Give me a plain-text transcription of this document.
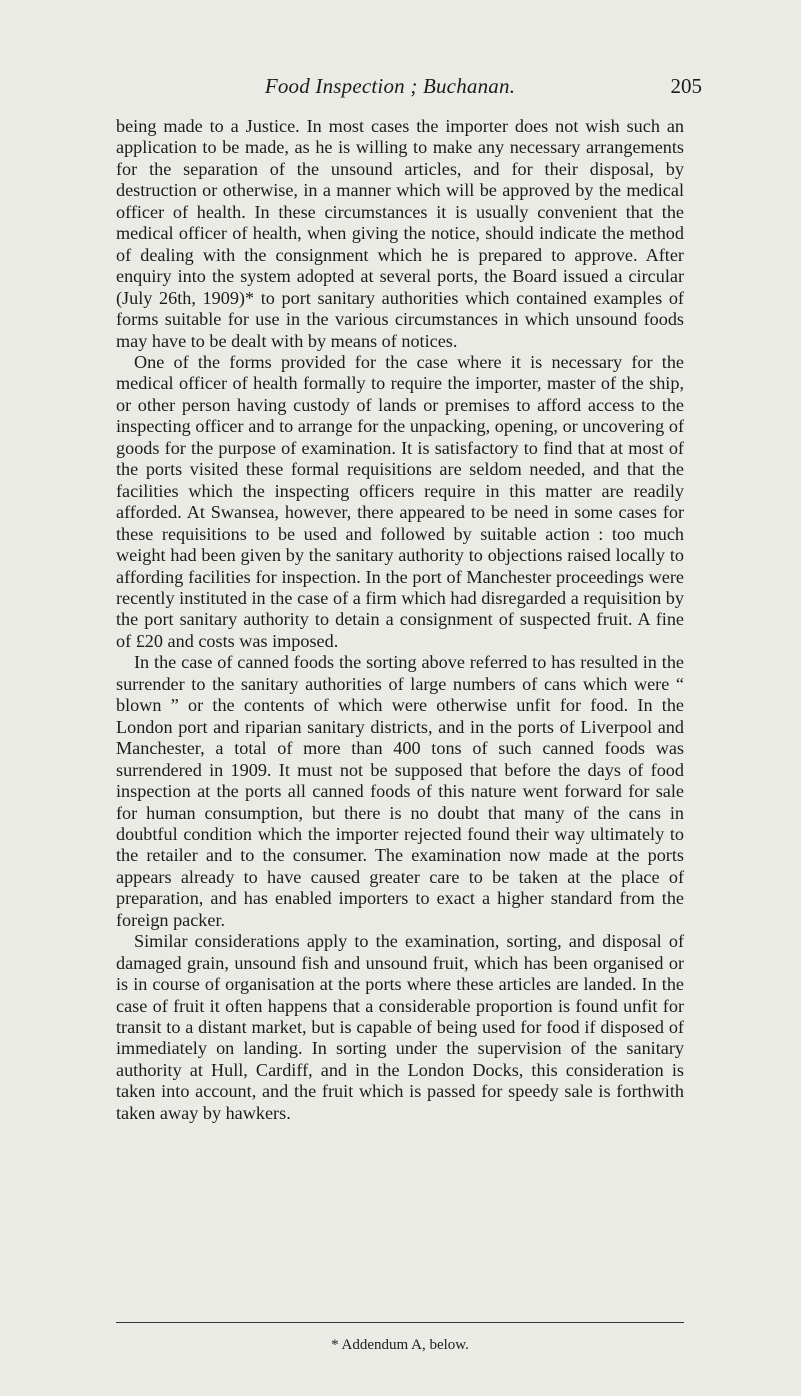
Food Inspection ; Buchanan.	205

being made to a Justice. In most cases the importer does not wish such an application to be made, as he is willing to make any necessary arrangements for the separation of the unsound articles, and for their disposal, by destruction or otherwise, in a manner which will be approved by the medical officer of health. In these circumstances it is usually convenient that the medical officer of health, when giving the notice, should indicate the method of dealing with the consignment which he is prepared to approve. After enquiry into the system adopted at several ports, the Board issued a circular (July 26th, 1909)* to port sanitary authorities which contained examples of forms suitable for use in the various circumstances in which unsound foods may have to be dealt with by means of notices.

One of the forms provided for the case where it is necessary for the medical officer of health formally to require the importer, master of the ship, or other person having custody of lands or premises to afford access to the inspecting officer and to arrange for the unpacking, opening, or uncovering of goods for the purpose of examination. It is satisfactory to find that at most of the ports visited these formal requisitions are seldom needed, and that the facilities which the inspecting officers require in this matter are readily afforded. At Swansea, however, there appeared to be need in some cases for these requisitions to be used and followed by suitable action : too much weight had been given by the sanitary authority to objections raised locally to affording facilities for inspection. In the port of Manchester proceedings were recently instituted in the case of a firm which had disregarded a requisition by the port sanitary authority to detain a consignment of suspected fruit. A fine of £20 and costs was imposed.

In the case of canned foods the sorting above referred to has resulted in the surrender to the sanitary authorities of large numbers of cans which were “ blown ” or the contents of which were otherwise unfit for food. In the London port and riparian sanitary districts, and in the ports of Liverpool and Manchester, a total of more than 400 tons of such canned foods was surrendered in 1909. It must not be supposed that before the days of food inspection at the ports all canned foods of this nature went forward for sale for human consumption, but there is no doubt that many of the cans in doubtful condition which the importer rejected found their way ultimately to the retailer and to the consumer. The examination now made at the ports appears already to have caused greater care to be taken at the place of preparation, and has enabled importers to exact a higher standard from the foreign packer.

Similar considerations apply to the examination, sorting, and disposal of damaged grain, unsound fish and unsound fruit, which has been organised or is in course of organisation at the ports where these articles are landed. In the case of fruit it often happens that a considerable proportion is found unfit for transit to a distant market, but is capable of being used for food if disposed of immediately on landing. In sorting under the supervision of the sanitary authority at Hull, Cardiff, and in the London Docks, this consideration is taken into account, and the fruit which is passed for speedy sale is forthwith taken away by hawkers.

* Addendum A, below.
